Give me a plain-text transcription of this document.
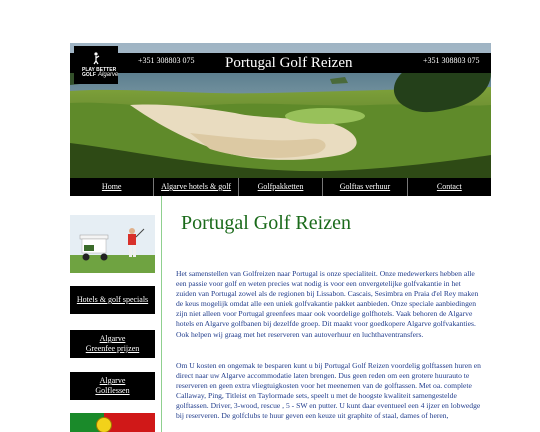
+351 308803 075 Portugal Golf Reizen	+351 308803 075
PLAY BETTER
GOLF Algarve
Home	Algarve hotels & golf	Golfpakketten	Golftas verhuur	Contact
Hotels & golf specials
Algarve
Greenfee prijzen
Algarve
Golflessen
Portugal Golf Reizen

Het samenstellen van Golfreizen naar Portugal is onze specialiteit. Onze medewerkers hebben alle een passie voor golf en weten precies wat nodig is voor een onvergetelijke golfvakantie in het zuiden van Portugal zowel als de regionen bij Lissabon. Cascais, Sesimbra en Praia d'el Rey maken de keus mogelijk omdat alle een uniek golfvakantie pakket aanbieden. Onze speciale aanbiedingen zijn niet alleen voor Portugal greenfees maar ook voordelige golfhotels. Vaak behoren de Algarve hotels en Algarve golfbanen bij dezelfde groep. Dit maakt voor goedkopere Algarve golfvakanties. Ook helpen wij graag met het reserveren van autoverhuur en luchthaventransfers.

Om U kosten en ongemak te besparen kunt u bij Portugal Golf Reizen voordelig golftassen huren en direct naar uw Algarve accommodatie laten brengen. Dus geen reden om een grotere huurauto te reserveren en geen extra vliegtuigkosten voor het meenemen van de golftassen. Met oa. complete Callaway, Ping, Titleist en Taylormade sets, speelt u met de hoogste kwaliteit samengestelde golftassen. Driver, 3-wood, rescue , 5 - SW en putter. U kunt daar eventueel een 4 ijzer en lobwedge bij reserveren. De golfclubs te huur geven een keuze uit graphite of staal, dames of heren,
